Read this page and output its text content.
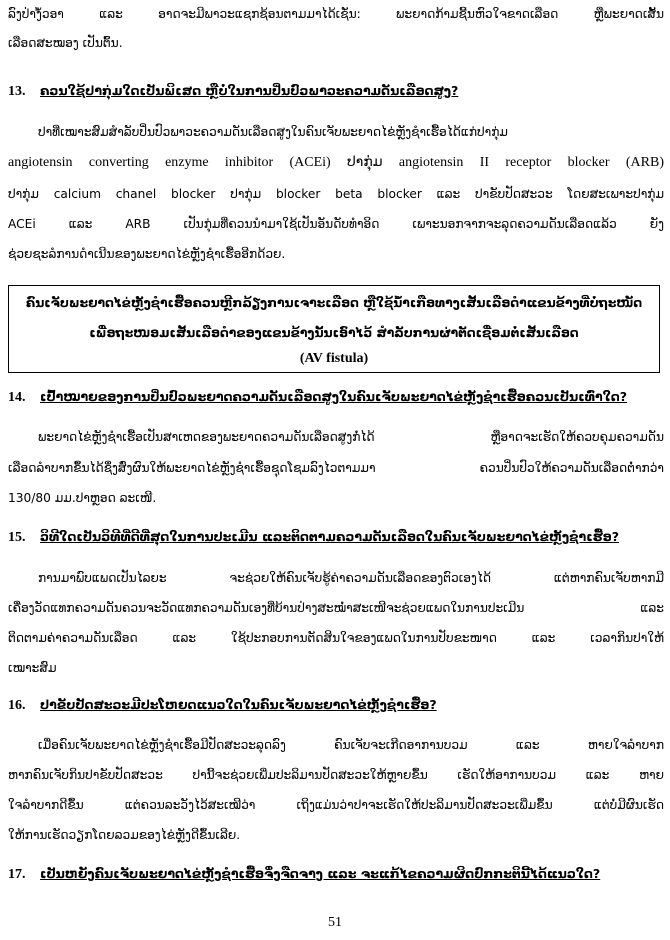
ລົງປ່າງໍ້ວອາ ແລະ ອາດຈະມີພາວະແຊກຊ້ອນຕາມມາໄດ້ເຊັ່ນ: ພະຍາດກ້າມຊີ້ນຫົວໃຈຂາດເລືອດ ຫຼືພະຍາດເສັ້ນ
ເລືອດສະໝອງ ເປັນຕົ້ນ.
13. ຄວນໃຊ້ປາກຸ່ມໃດເປັນພິເສດ ຫຼືບໍ່ໃນການປິ່ນປົວພາວະຄວາມດັນເລືອດສູງ?
ປາທີ່ເໝາະສົມສຳລັບປິ່ນປົວພາວະຄວາມດັນເລືອດສູງໃນຄົນເຈັບພະຍາດໄຂ່ຫຼັງຊຳເຮື້ອໄດ້ແກ່ປາກຸ່ມ
angiotensin converting enzyme inhibitor (ACEi) ປາກຸ່ມ angiotensin II receptor blocker (ARB)
ປາກຸ່ມ calcium chanel blocker ປາກຸ່ມ blocker beta blocker ແລະ ປາຂັບປັດສະວະ ໂດຍສະເພາະປາກຸ່ມ
ACEi ແລະ ARB ເປັນກຸ່ມທີ່ຄວນນຳມາໃຊ້ເປັນອັນດັບທຳອິດ ເພາະນອກຈາກຈະລຸດຄວາມດັນເລືອດແລ້ວ ຍັງ
ຊ່ວຍຊະລໍການດຳເນີນຂອງພະຍາດໄຂ່ຫຼັງຊຳເຮື້ອອີກດ້ວຍ.
ຄົນເຈັບພະຍາດໄຂ່ຫຼັງຊຳເຮື້ອຄວນຫຼີກລ້ຽງການເຈາະເລືອດ ຫຼືໃຊ້ນ້ຳເກືອທາງເສັ້ນເລືອດຳແຂນຂ້າງທີ່ບໍ່ຖະໜັດ
ເພື່ອຖະໜອມເສັ້ນເລືອດຳຂອງແຂນຂ້າງນັ້ນເອົາໄວ້ ສຳລັບການຜ່າຕັດເຊື່ອມຕໍ່ເສັ້ນເລືອດ
(AV fistula)
14. ເປົ້າໝາຍຂອງການປິ່ນປົວພະຍາດຄວາມດັນເລືອດສູງໃນຄົນເຈັບພະຍາດໄຂ່ຫຼັງຊຳເຮື້ອຄວນເປັນເທົ່າໃດ?
ພະຍາດໄຂ່ຫຼັງຊຳເຮື້ອເປັນສາເຫດຂອງພະຍາດຄວາມດັນເລືອດສູງກໍ່ໄດ້ ຫຼືອາດຈະເຮັດໃຫ້ຄວບຄຸມຄວາມດັນ
ເລືອດລຳບາກຂຶ້ນໄດ້ຊຶ່ງສົ່ງຜົນໃຫ້ພະຍາດໄຂ່ຫຼັງຊຳເຮື້ອຊຸດໂຊມລົງໄວຕາມມາ ຄວນປິ່ນປົວໃຫ້ຄວາມດັນເລືອດຕ່ຳກວ່າ
130/80 ມມ.ປາຫຼອດ ລະເໜີ.
15. ວິທີໃດເປັນວິທີທີ່ດີທີ່ສຸດໃນການປະເມີນ ແລະຕິດຕາມຄວາມດັນເລືອດໃນຄົນເຈັບພະຍາດໄຂ່ຫຼັງຊຳເຮື້ອ?
ການມາພົບແພດເປັນໄລຍະ ຈະຊ່ວຍໃຫ້ຄົນເຈັບຮູ້ຄ່າຄວາມດັນເລືອດຂອງຕົວເອງໄດ້ ແຕ່ຫາກຄົນເຈັບຫາກມີ
ເຄື່ອງວັດແທກຄວາມດັນຄວນຈະວັດແທກຄວາມດັນເອງທີ່ບ້ານປ່າງສະໝໍ່າສະເໜີຈະຊ່ວຍແພດໃນການປະເມີນ ແລະ
ຕິດຕາມຄ່າຄວາມດັນເລືອດ ແລະ ໃຊ້ປະກອບການຕັດສິນໃຈຂອງແພດໃນການປັບຂະໜາດ ແລະ ເວລາກິນປາໃຫ້
ເໝາະສົມ
16. ປາຂັບປັດສະວະມີປະໂຫຍດແນວໃດໃນຄົນເຈັບພະຍາດໄຂ່ຫຼັງຊຳເຮື້ອ?
ເມື່ອຄົນເຈັບພະຍາດໄຂ່ຫຼັງຊຳເຮື້ອມີປັດສະວະລຸດລົງ ຄົນເຈັບຈະເກີດອາການບວມ ແລະ ຫາຍໃຈລຳບາກ
ຫາກຄົນເຈັບກິນປາຂັບປັດສະວະ ປານີ້ຈະຊ່ວຍເພີ່ມປະລິມານປັດສະວະໃຫ້ຫຼາຍຂຶ້ນ ເຮັດໃຫ້ອາການບວມ ແລະ ຫາຍ
ໃຈລຳບາກດີຂຶ້ນ ແຕ່ຄວນລະວັງໄວ້ສະເໝີວ່າ ເຖິງແມ່ນວ່າປາຈະເຮັດໃຫ້ປະລິມານປັດສະວະເພີ່ມຂຶ້ນ ແຕ່ບໍ່ມີຜົນເຮັດ
ໃຫ້ການເຮັດວຽກໂດຍລວມຂອງໄຂ່ຫຼັງດີຂຶ້ນເລີຍ.
17. ເປັນຫຍັງຄົນເຈັບພະຍາດໄຂ່ຫຼັງຊຳເຮື້ອຈຶ່ງຈືດຈາງ ແລະ ຈະແກ້ໄຂຄວາມຜິດປົກກະຕິນີ້ໄດ້ແນວໃດ?
51
